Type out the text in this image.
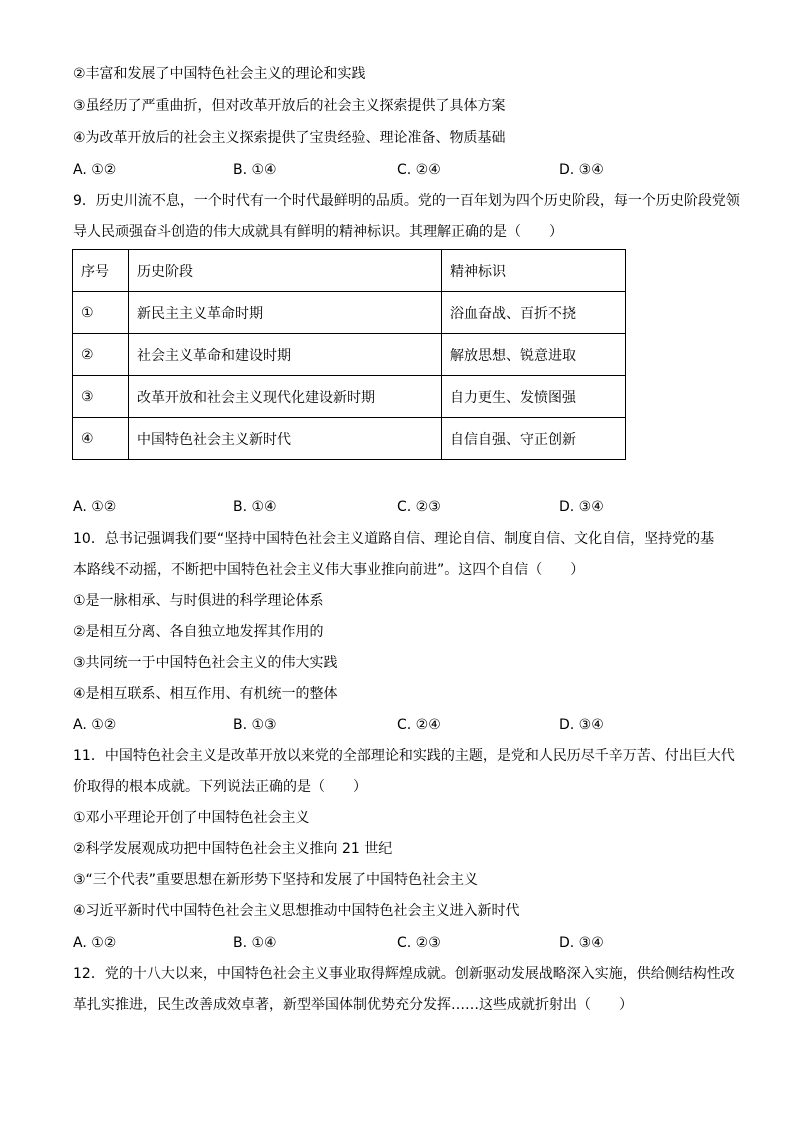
②丰富和发展了中国特色社会主义的理论和实践
③虽经历了严重曲折，但对改革开放后的社会主义探索提供了具体方案
④为改革开放后的社会主义探索提供了宝贵经验、理论准备、物质基础
A. ①②	B. ①④	C. ②④	D. ③④
9．历史川流不息，一个时代有一个时代最鲜明的品质。党的一百年划为四个历史阶段，每一个历史阶段党领
导人民顽强奋斗创造的伟大成就具有鲜明的精神标识。其理解正确的是（　　）
序号	历史阶段	精神标识
①	新民主主义革命时期	浴血奋战、百折不挠
②	社会主义革命和建设时期	解放思想、锐意进取
③	改革开放和社会主义现代化建设新时期	自力更生、发愤图强
④	中国特色社会主义新时代	自信自强、守正创新
A. ①②	B. ①④	C. ②③	D. ③④
10．总书记强调我们要“坚持中国特色社会主义道路自信、理论自信、制度自信、文化自信，坚持党的基
本路线不动摇，不断把中国特色社会主义伟大事业推向前进”。这四个自信（　　）
①是一脉相承、与时俱进的科学理论体系
②是相互分离、各自独立地发挥其作用的
③共同统一于中国特色社会主义的伟大实践
④是相互联系、相互作用、有机统一的整体
A. ①②	B. ①③	C. ②④	D. ③④
11．中国特色社会主义是改革开放以来党的全部理论和实践的主题，是党和人民历尽千辛万苦、付出巨大代
价取得的根本成就。下列说法正确的是（　　）
①邓小平理论开创了中国特色社会主义
②科学发展观成功把中国特色社会主义推向 21 世纪
③“三个代表”重要思想在新形势下坚持和发展了中国特色社会主义
④习近平新时代中国特色社会主义思想推动中国特色社会主义进入新时代
A. ①②	B. ①④	C. ②③	D. ③④
12．党的十八大以来，中国特色社会主义事业取得辉煌成就。创新驱动发展战略深入实施，供给侧结构性改
革扎实推进，民生改善成效卓著，新型举国体制优势充分发挥……这些成就折射出（　　）
